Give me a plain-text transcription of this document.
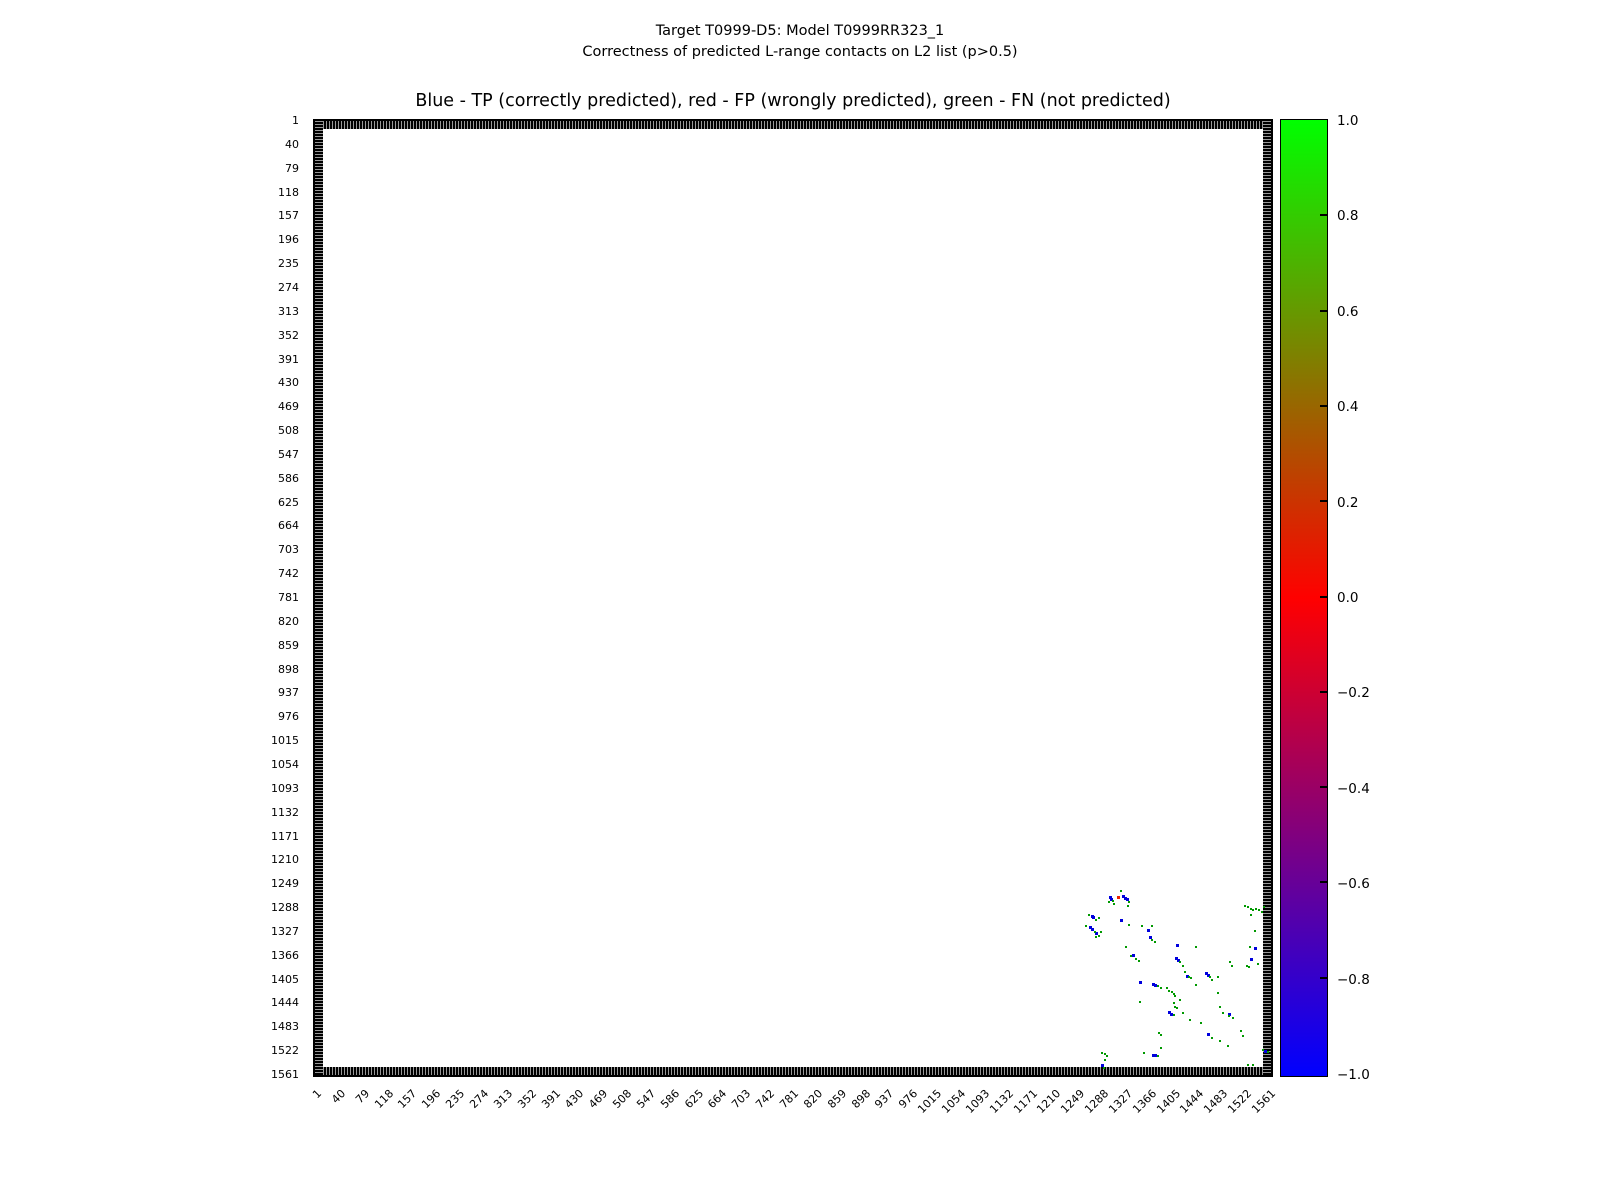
Target T0999-D5: Model T0999RR323_1
Correctness of predicted L-range contacts on L2 list (p>0.5)
Blue - TP (correctly predicted), red - FP (wrongly predicted), green - FN (not predicted)
1
40
79
118
157
196
235
274
313
352
391
430
469
508
547
586
625
664
703
742
781
820
859
898
937
976
1015
1054
1093
1132
1171
1210
1249
1288
1327
1366
1405
1444
1483
1522
1561
1 40 79 118 157 196 235 274 313 352 391 430 469 508 547 586 625 664 703 742 781 820 859 898 937 976
1015
1054
1093
1132
1171
1210
1249
1288
1327
1366
1405
1444
1483
1522
1561
1.0
0.8
0.6
0.4
0.2
0.0
−0.2
−0.4
−0.6
−0.8
−1.0
